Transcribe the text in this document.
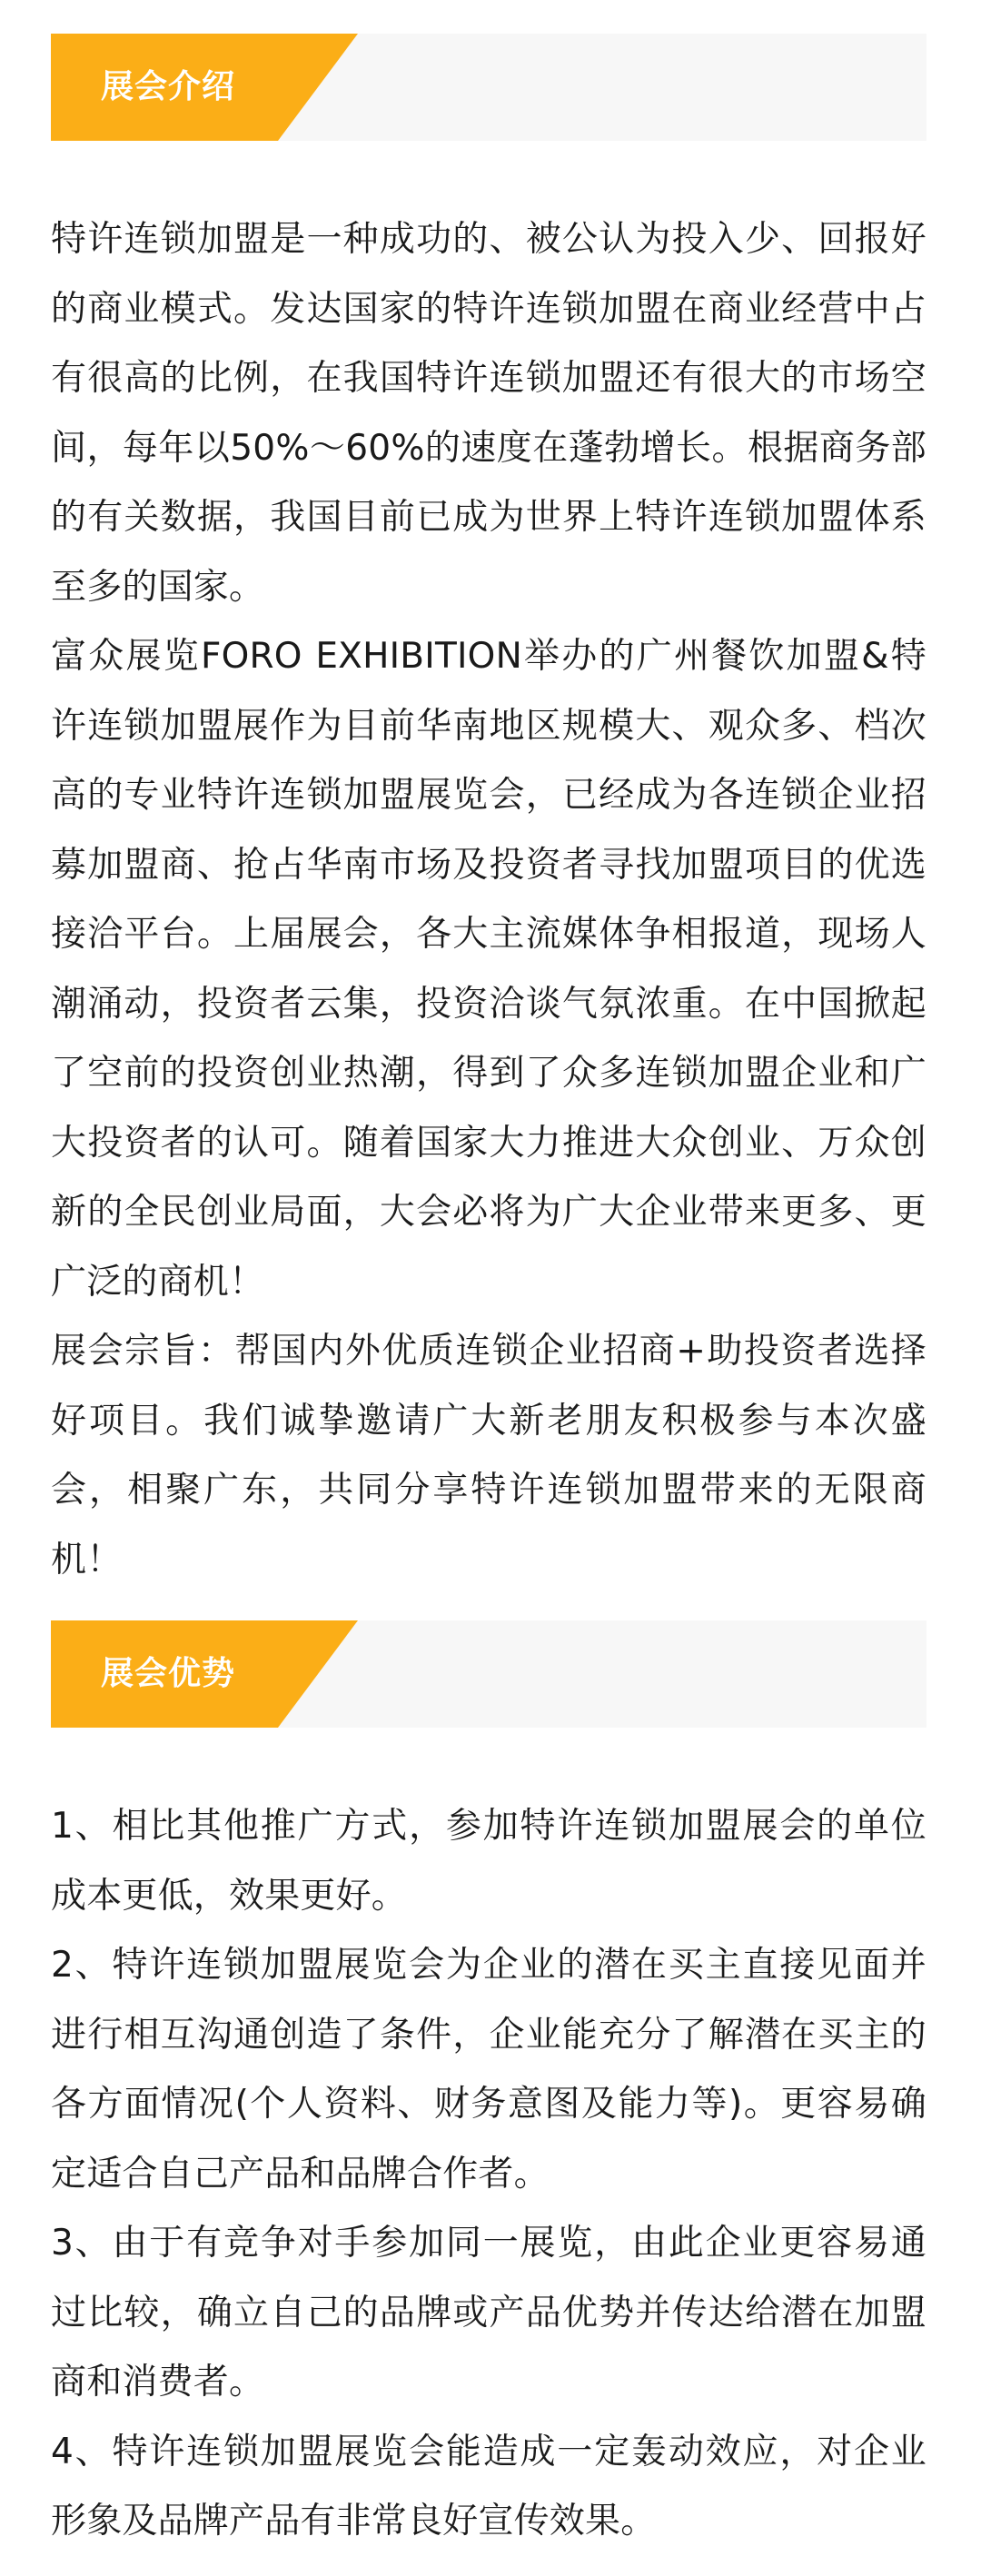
展会介绍

特许连锁加盟是一种成功的、被公认为投入少、回报好的商业模式。发达国家的特许连锁加盟在商业经营中占有很高的比例，在我国特许连锁加盟还有很大的市场空间，每年以50%～60%的速度在蓬勃增长。根据商务部的有关数据，我国目前已成为世界上特许连锁加盟体系至多的国家。

富众展览FORO EXHIBITION举办的广州餐饮加盟&特许连锁加盟展作为目前华南地区规模大、观众多、档次高的专业特许连锁加盟展览会，已经成为各连锁企业招募加盟商、抢占华南市场及投资者寻找加盟项目的优选接洽平台。上届展会，各大主流媒体争相报道，现场人潮涌动，投资者云集，投资洽谈气氛浓重。在中国掀起了空前的投资创业热潮，得到了众多连锁加盟企业和广大投资者的认可。随着国家大力推进大众创业、万众创新的全民创业局面，大会必将为广大企业带来更多、更广泛的商机！

展会宗旨：帮国内外优质连锁企业招商+助投资者选择好项目。我们诚挚邀请广大新老朋友积极参与本次盛会，相聚广东，共同分享特许连锁加盟带来的无限商机！

展会优势

1、相比其他推广方式，参加特许连锁加盟展会的单位成本更低，效果更好。

2、特许连锁加盟展览会为企业的潜在买主直接见面并进行相互沟通创造了条件，企业能充分了解潜在买主的各方面情况(个人资料、财务意图及能力等)。更容易确定适合自己产品和品牌合作者。

3、由于有竞争对手参加同一展览，由此企业更容易通过比较，确立自己的品牌或产品优势并传达给潜在加盟商和消费者。

4、特许连锁加盟展览会能造成一定轰动效应，对企业形象及品牌产品有非常良好宣传效果。
